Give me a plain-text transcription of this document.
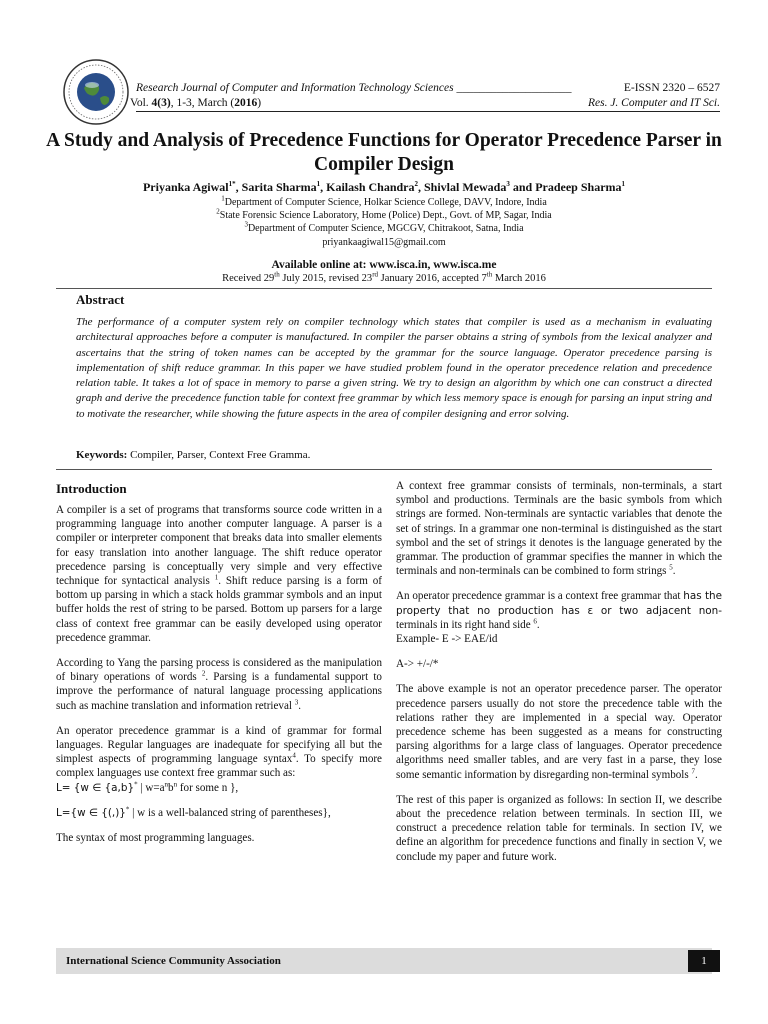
Research Journal of Computer and Information Technology Sciences ____________________	E-ISSN 2320 – 6527
Vol. 4(3), 1-3, March (2016)	Res. J. Computer and IT Sci.
A Study and Analysis of Precedence Functions for Operator Precedence Parser in Compiler Design
Priyanka Agiwal$^{1*}$, Sarita Sharma$^1$, Kailash Chandra$^2$, Shivlal Mewada$^3$ and Pradeep Sharma$^1$
$^1$Department of Computer Science, Holkar Science College, DAVV, Indore, India
$^2$State Forensic Science Laboratory, Home (Police) Dept., Govt. of MP, Sagar, India
$^3$Department of Computer Science, MGCGV, Chitrakoot, Satna, India
priyankaagiwal15@gmail.com
Available online at: www.isca.in, www.isca.me
Received 29th July 2015, revised 23rd January 2016, accepted 7th March 2016
Abstract
The performance of a computer system rely on compiler technology which states that compiler is used as a mechanism in evaluating architectural approaches before a computer is manufactured. In compiler the parser obtains a string of symbols from the lexical analyzer and ascertains that the string of token names can be accepted by the grammar for the source language. Operator precedence parsing is implementation of shift reduce grammar. In this paper we have studied problem found in the operator precedence relation and precedence relation table. It takes a lot of space in memory to parse a given string. We try to design an algorithm by which one can construct a directed graph and derive the precedence function table for context free grammar by which less memory space is enough for parsing an input string and to motivate the researcher, while showing the future aspects in the area of compiler designing and error solving.
Keywords: Compiler, Parser, Context Free Gramma.
Introduction

A compiler is a set of programs that transforms source code written in a programming language into another computer language. A parser is a compiler or interpreter component that breaks data into smaller elements for easy translation into another language. The shift reduce operator precedence parsing is conceptually very simple and very effective technique for syntactical analysis $^1$. Shift reduce parsing is a form of bottom up parsing in which a stack holds grammar symbols and an input buffer holds the rest of string to be parsed. Bottom up parsers for a large class of context free grammar can be easily developed using operator precedence grammar.

According to Yang the parsing process is considered as the manipulation of binary operations of words $^2$. Parsing is a fundamental support to improve the performance of natural language processing applications such as machine translation and information retrieval $^3$.

An operator precedence grammar is a kind of grammar for formal languages. Regular languages are inadequate for specifying all but the simplest aspects of programming language syntax$^4$. To specify more complex languages use context free grammar such as:

L= {w ∈ {a,b}* | $w=a^nb^n$ for some n },

L={w ∈ {(,)}* | w is a well-balanced string of parentheses},

The syntax of most programming languages.

A context free grammar consists of terminals, non-terminals, a start symbol and productions. Terminals are the basic symbols from which strings are formed. Non-terminals are syntactic variables that denote the set of strings. In a grammar one non-terminal is distinguished as the start symbol and the set of strings it denotes is the language generated by the grammar. The production of grammar specifies the manner in which the terminals and non-terminals can be combined to form strings $^5$.

An operator precedence grammar is a context free grammar that has the property that no production has ε or two adjacent non-terminals in its right hand side $^6$.

Example- E -> EAE/id

A-> +/-/*

The above example is not an operator precedence parser. The operator precedence parsers usually do not store the precedence table with the relations rather they are implemented in a special way. Operator precedence scheme has been suggested as a means for constructing parsing algorithms for a large class of languages. Operator precedence algorithms need smaller tables, and are very fast in a parse, they lose some semantic information by disregarding non-terminal symbols $^7$.

The rest of this paper is organized as follows: In section II, we describe about the precedence relation between terminals. In section III, we construct a precedence relation table for terminals. In section IV, we define an algorithm for precedence functions and finally in section V, we conclude my paper and future work.

International Science Community Association	1
